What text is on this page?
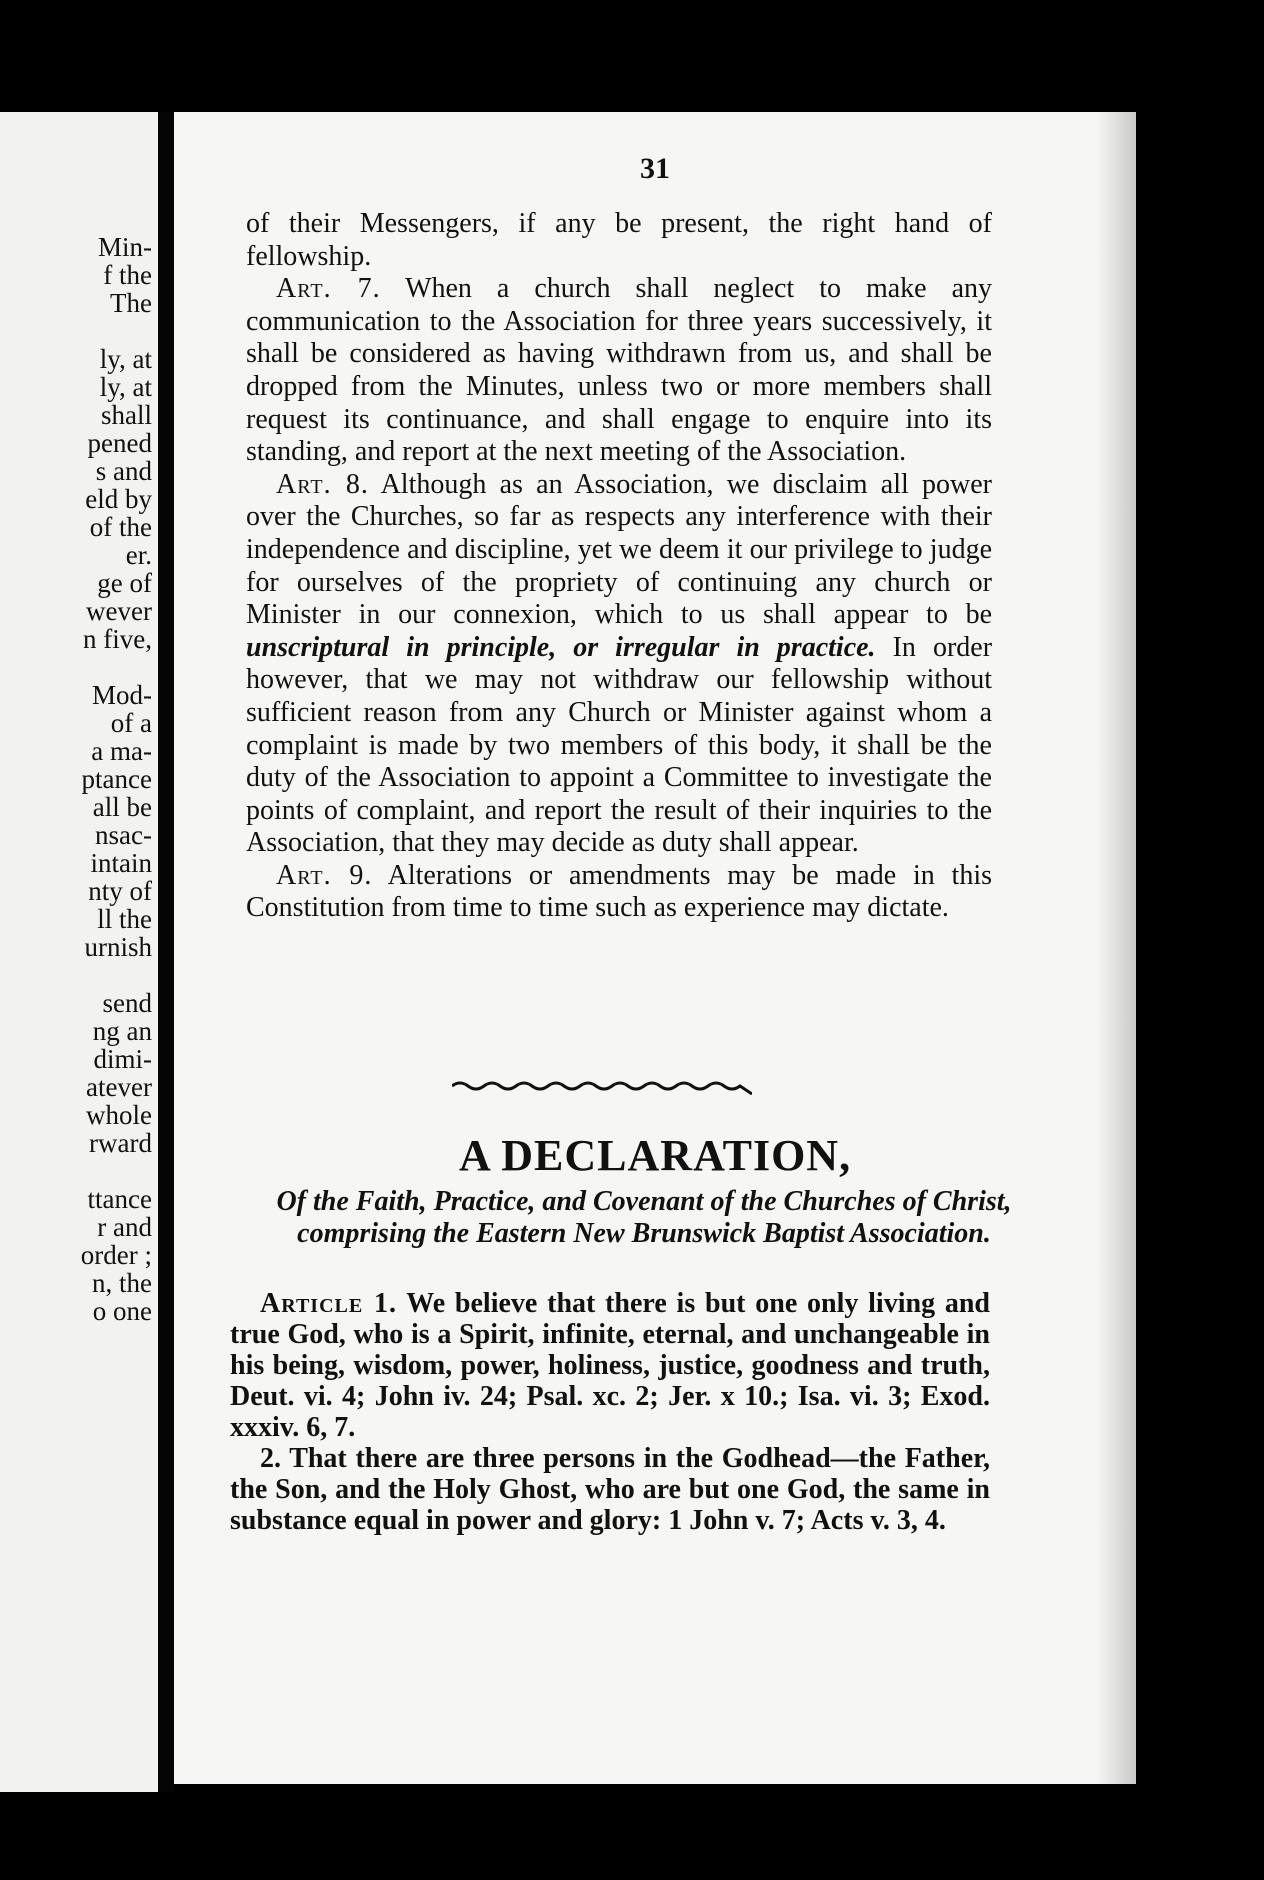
Min-
f the
The
ly, at
ly, at
shall
pened
s and
eld by
of the
er.
ge of
wever
n five,
Mod-
of a
a ma-
ptance
all be
nsac-
intain
nty of
ll the
urnish
send
ng an
dimi-
atever
whole
rward
ttance
r and
order ;
n, the
o one
31

of their Messengers, if any be present, the right hand of fellowship.

Art. 7. When a church shall neglect to make any communication to the Association for three years successively, it shall be considered as having withdrawn from us, and shall be dropped from the Minutes, unless two or more members shall request its continuance, and shall engage to enquire into its standing, and report at the next meeting of the Association.

Art. 8. Although as an Association, we disclaim all power over the Churches, so far as respects any interference with their independence and discipline, yet we deem it our privilege to judge for ourselves of the propriety of continuing any church or Minister in our connexion, which to us shall appear to be unscriptural in principle, or irregular in practice. In order however, that we may not withdraw our fellowship without sufficient reason from any Church or Minister against whom a complaint is made by two members of this body, it shall be the duty of the Association to appoint a Committee to investigate the points of complaint, and report the result of their inquiries to the Association, that they may decide as duty shall appear.

Art. 9. Alterations or amendments may be made in this Constitution from time to time such as experience may dictate.

A DECLARATION,
Of the Faith, Practice, and Covenant of the Churches of Christ, comprising the Eastern New Brunswick Baptist Association.

Article 1. We believe that there is but one only living and true God, who is a Spirit, infinite, eternal, and unchangeable in his being, wisdom, power, holiness, justice, goodness and truth, Deut. vi. 4; John iv. 24; Psal. xc. 2; Jer. x 10.; Isa. vi. 3; Exod. xxxiv. 6, 7.

2. That there are three persons in the Godhead—the Father, the Son, and the Holy Ghost, who are but one God, the same in substance equal in power and glory: 1 John v. 7; Acts v. 3, 4.
